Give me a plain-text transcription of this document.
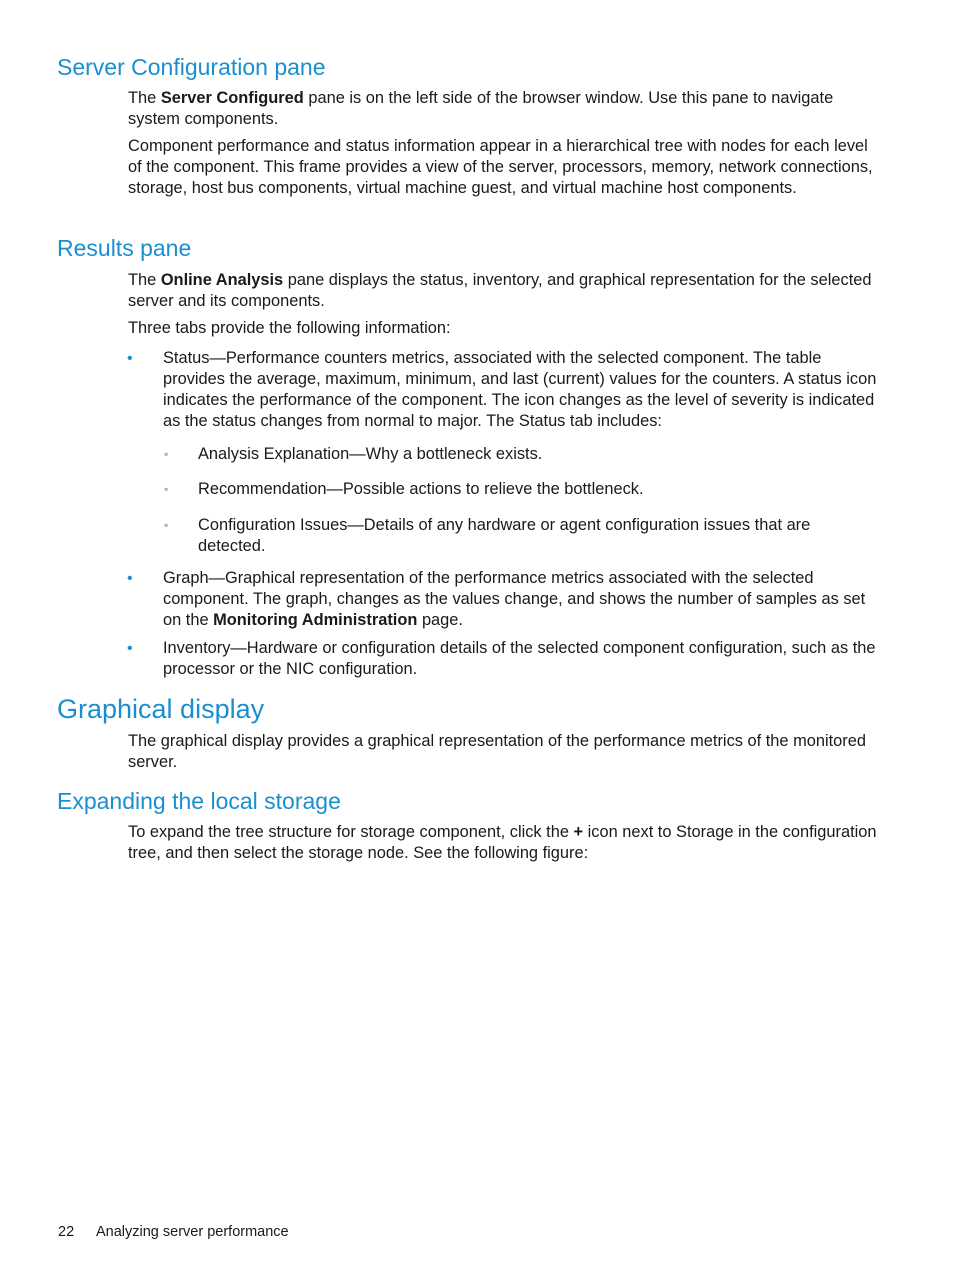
Server Configuration pane

The Server Configured pane is on the left side of the browser window. Use this pane to navigate system components.

Component performance and status information appear in a hierarchical tree with nodes for each level of the component. This frame provides a view of the server, processors, memory, network connections, storage, host bus components, virtual machine guest, and virtual machine host components.

Results pane

The Online Analysis pane displays the status, inventory, and graphical representation for the selected server and its components.

Three tabs provide the following information:

• Status—Performance counters metrics, associated with the selected component. The table provides the average, maximum, minimum, and last (current) values for the counters. A status icon indicates the performance of the component. The icon changes as the level of severity is indicated as the status changes from normal to major. The Status tab includes:

◦ Analysis Explanation—Why a bottleneck exists.

◦ Recommendation—Possible actions to relieve the bottleneck.

◦ Configuration Issues—Details of any hardware or agent configuration issues that are detected.

• Graph—Graphical representation of the performance metrics associated with the selected component. The graph, changes as the values change, and shows the number of samples as set on the Monitoring Administration page.

• Inventory—Hardware or configuration details of the selected component configuration, such as the processor or the NIC configuration.

Graphical display

The graphical display provides a graphical representation of the performance metrics of the monitored server.

Expanding the local storage

To expand the tree structure for storage component, click the + icon next to Storage in the configuration tree, and then select the storage node. See the following figure:

22 Analyzing server performance
